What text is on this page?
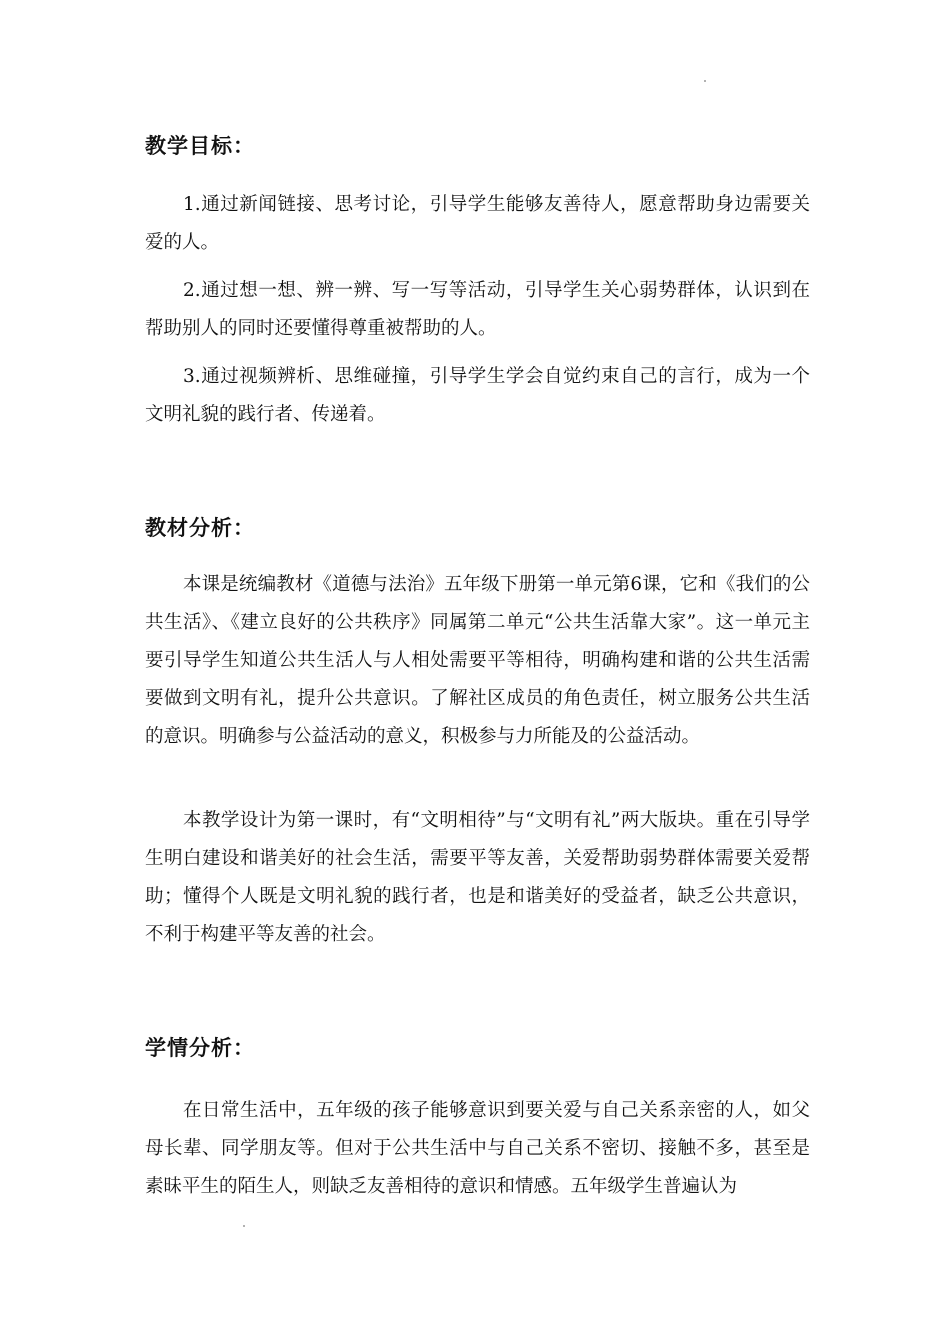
教学目标：

1.通过新闻链接、思考讨论，引导学生能够友善待人，愿意帮助身边需要关爱的人。

2.通过想一想、辨一辨、写一写等活动，引导学生关心弱势群体，认识到在帮助别人的同时还要懂得尊重被帮助的人。

3.通过视频辨析、思维碰撞，引导学生学会自觉约束自己的言行，成为一个文明礼貌的践行者、传递着。

教材分析：

本课是统编教材《道德与法治》五年级下册第一单元第6课，它和《我们的公共生活》、《建立良好的公共秩序》同属第二单元“公共生活靠大家”。这一单元主要引导学生知道公共生活人与人相处需要平等相待，明确构建和谐的公共生活需要做到文明有礼，提升公共意识。了解社区成员的角色责任，树立服务公共生活的意识。明确参与公益活动的意义，积极参与力所能及的公益活动。

本教学设计为第一课时，有“文明相待”与“文明有礼”两大版块。重在引导学生明白建设和谐美好的社会生活，需要平等友善，关爱帮助弱势群体需要关爱帮助；懂得个人既是文明礼貌的践行者，也是和谐美好的受益者，缺乏公共意识，不利于构建平等友善的社会。

学情分析：

在日常生活中，五年级的孩子能够意识到要关爱与自己关系亲密的人，如父母长辈、同学朋友等。但对于公共生活中与自己关系不密切、接触不多，甚至是素昧平生的陌生人，则缺乏友善相待的意识和情感。五年级学生普遍认为
